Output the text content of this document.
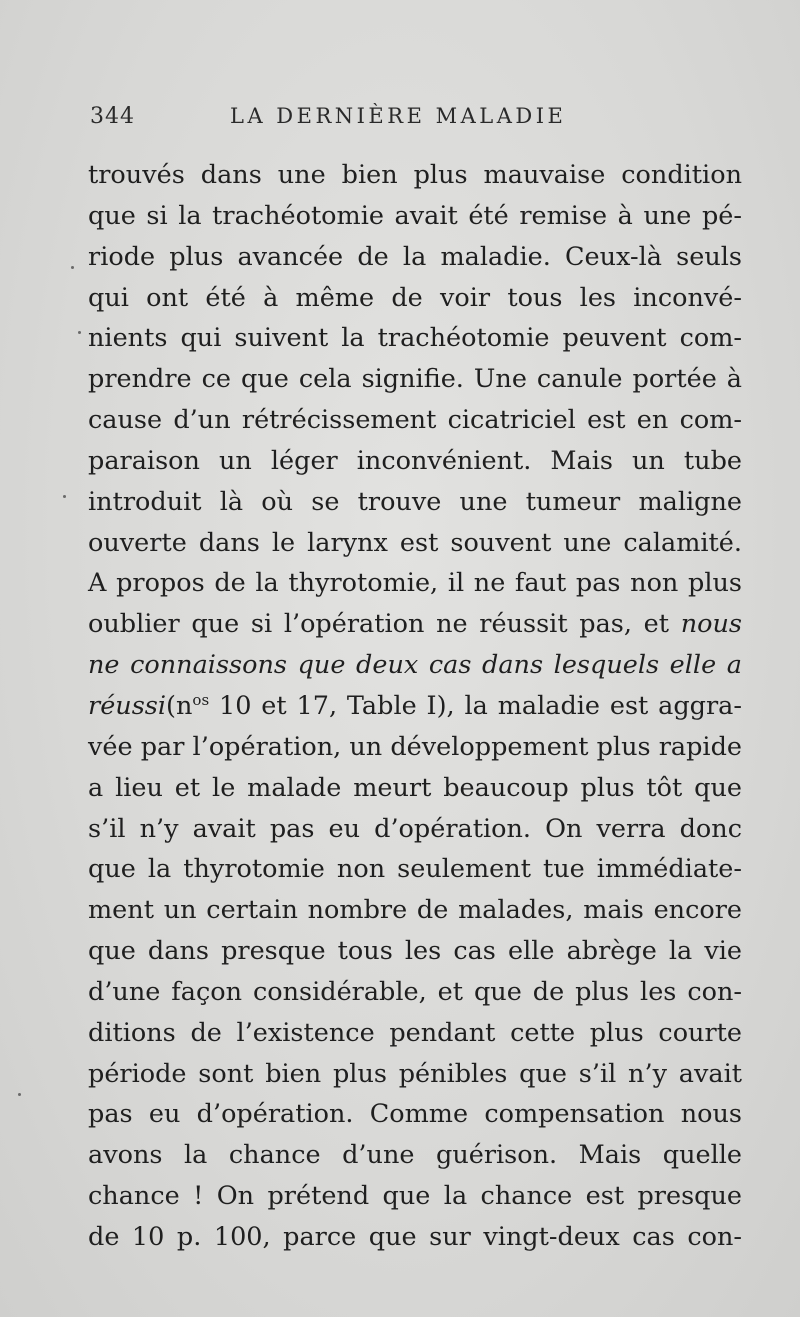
344	LA DERNIÈRE MALADIE
trouvés dans une bien plus mauvaise condition
que si la trachéotomie avait été remise à une pé-
riode plus avancée de la maladie. Ceux-là seuls
qui ont été à même de voir tous les inconvé-
nients qui suivent la trachéotomie peuvent com-
prendre ce que cela signifie. Une canule portée à
cause d’un rétrécissement cicatriciel est en com-
paraison un léger inconvénient. Mais un tube
introduit là où se trouve une tumeur maligne
ouverte dans le larynx est souvent une calamité.
A propos de la thyrotomie, il ne faut pas non plus
oublier que si l’opération ne réussit pas, et nous
ne connaissons que deux cas dans lesquels elle a
$réussi(n^{os}$ 10 et 17, Table I), la maladie est aggra-
vée par l’opération, un développement plus rapide
a lieu et le malade meurt beaucoup plus tôt que
s’il n’y avait pas eu d’opération. On verra donc
que la thyrotomie non seulement tue immédiate-
ment un certain nombre de malades, mais encore
que dans presque tous les cas elle abrège la vie
d’une façon considérable, et que de plus les con-
ditions de l’existence pendant cette plus courte
période sont bien plus pénibles que s’il n’y avait
pas eu d’opération. Comme compensation nous
avons la chance d’une guérison. Mais quelle
chance ! On prétend que la chance est presque
de 10 p. 100, parce que sur vingt-deux cas con-
